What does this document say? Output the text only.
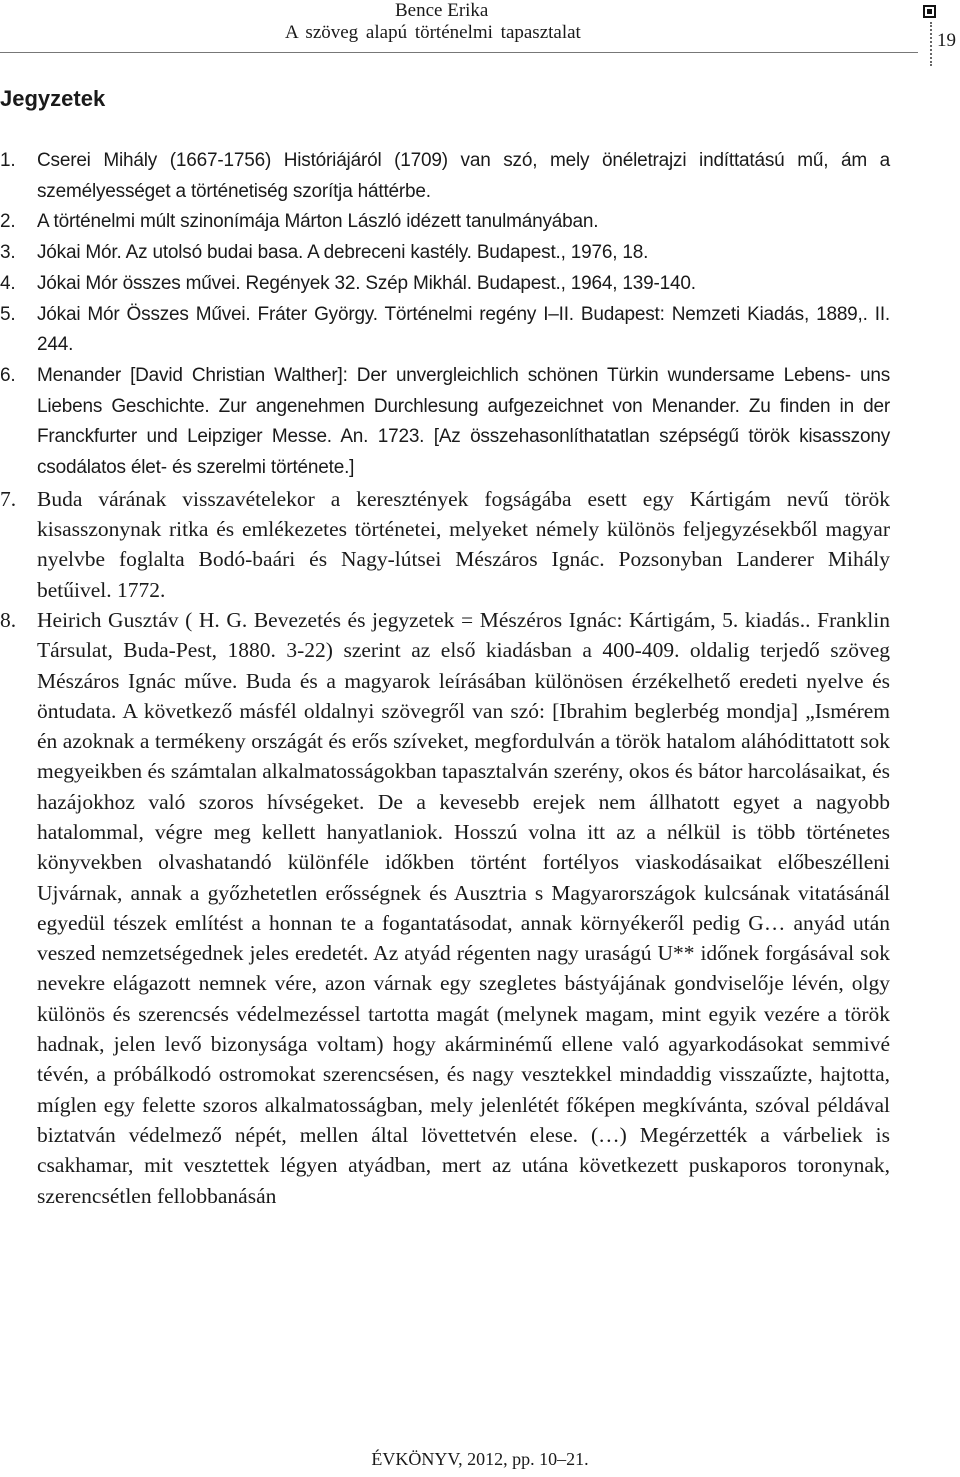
Bence Erika
A szöveg alapú történelmi tapasztalat	19
Jegyzetek
1. Cserei Mihály (1667-1756) Históriájáról (1709) van szó, mely önéletrajzi indíttatású mű, ám a személyességet a történetiség szorítja háttérbe.
2. A történelmi múlt szinonímája Márton László idézett tanulmányában.
3. Jókai Mór. Az utolsó budai basa. A debreceni kastély. Budapest., 1976, 18.
4. Jókai Mór összes művei. Regények 32. Szép Mikhál. Budapest., 1964, 139-140.
5. Jókai Mór Összes Művei. Fráter György. Történelmi regény I–II. Budapest: Nemzeti Kiadás, 1889,. II. 244.
6. Menander [David Christian Walther]: Der unvergleichlich schönen Türkin wundersame Lebens- uns Liebens Geschichte. Zur angenehmen Durchlesung aufgezeichnet von Menander. Zu finden in der Franckfurter und Leipziger Messe. An. 1723. [Az összehasonlíthatatlan szépségű török kisasszony csodálatos élet- és szerelmi története.]
7. Buda várának visszavételekor a keresztények fogságába esett egy Kártigám nevű török kisasszonynak ritka és emlékezetes történetei, melyeket némely különös feljegyzésekből magyar nyelvbe foglalta Bodó-baári és Nagy-lútsei Mészáros Ignác. Pozsonyban Landerer Mihály betűivel. 1772.
8. Heirich Gusztáv ( H. G. Bevezetés és jegyzetek = Mészéros Ignác: Kártigám, 5. kiadás.. Franklin Társulat, Buda-Pest, 1880. 3-22) szerint az első kiadásban a 400-409. oldalig terjedő szöveg Mészáros Ignác műve. Buda és a magyarok leírásában különösen érzékelhető eredeti nyelve és öntudata. A következő másfél oldalnyi szövegről van szó: [Ibrahim beglerbég mondja] „Ismérem én azoknak a termékeny országát és erős szíveket, megfordulván a török hatalom aláhódittatott sok megyeikben és számtalan alkalmatosságokban tapasztalván szerény, okos és bátor harcolásaikat, és hazájokhoz való szoros hívségeket. De a kevesebb erejek nem állhatott egyet a nagyobb hatalommal, végre meg kellett hanyatlaniok. Hosszú volna itt az a nélkül is több történetes könyvekben olvashatandó különféle időkben történt fortélyos viaskodásaikat előbeszélleni Ujvárnak, annak a győzhetetlen erősségnek és Ausztria s Magyarországok kulcsának vitatásánál egyedül tészek említést a honnan te a fogantatásodat, annak környékeről pedig G… anyád után veszed nemzetségednek jeles eredetét. Az atyád régenten nagy uraságú U** időnek forgásával sok nevekre elágazott nemnek vére, azon várnak egy szegletes bástyájának gondviselője lévén, olgy különös és szerencsés védelmezéssel tartotta magát (melynek magam, mint egyik vezére a török hadnak, jelen levő bizonysága voltam) hogy akárminémű ellene való agyarkodásokat semmivé tévén, a próbálkodó ostromokat szerencsésen, és nagy vesztekkel mindaddig visszaűzte, hajtotta, míglen egy felette szoros alkalmatosságban, mely jelenlétét főképen megkívánta, szóval példával biztatván védelmező népét, mellen által lövettetvén elese. (…) Megérzették a várbeliek is csakhamar, mit vesztettek légyen atyádban, mert az utána következett puskaporos toronynak, szerencsétlen fellobbanásán
ÉVKÖNYV, 2012, pp. 10–21.
